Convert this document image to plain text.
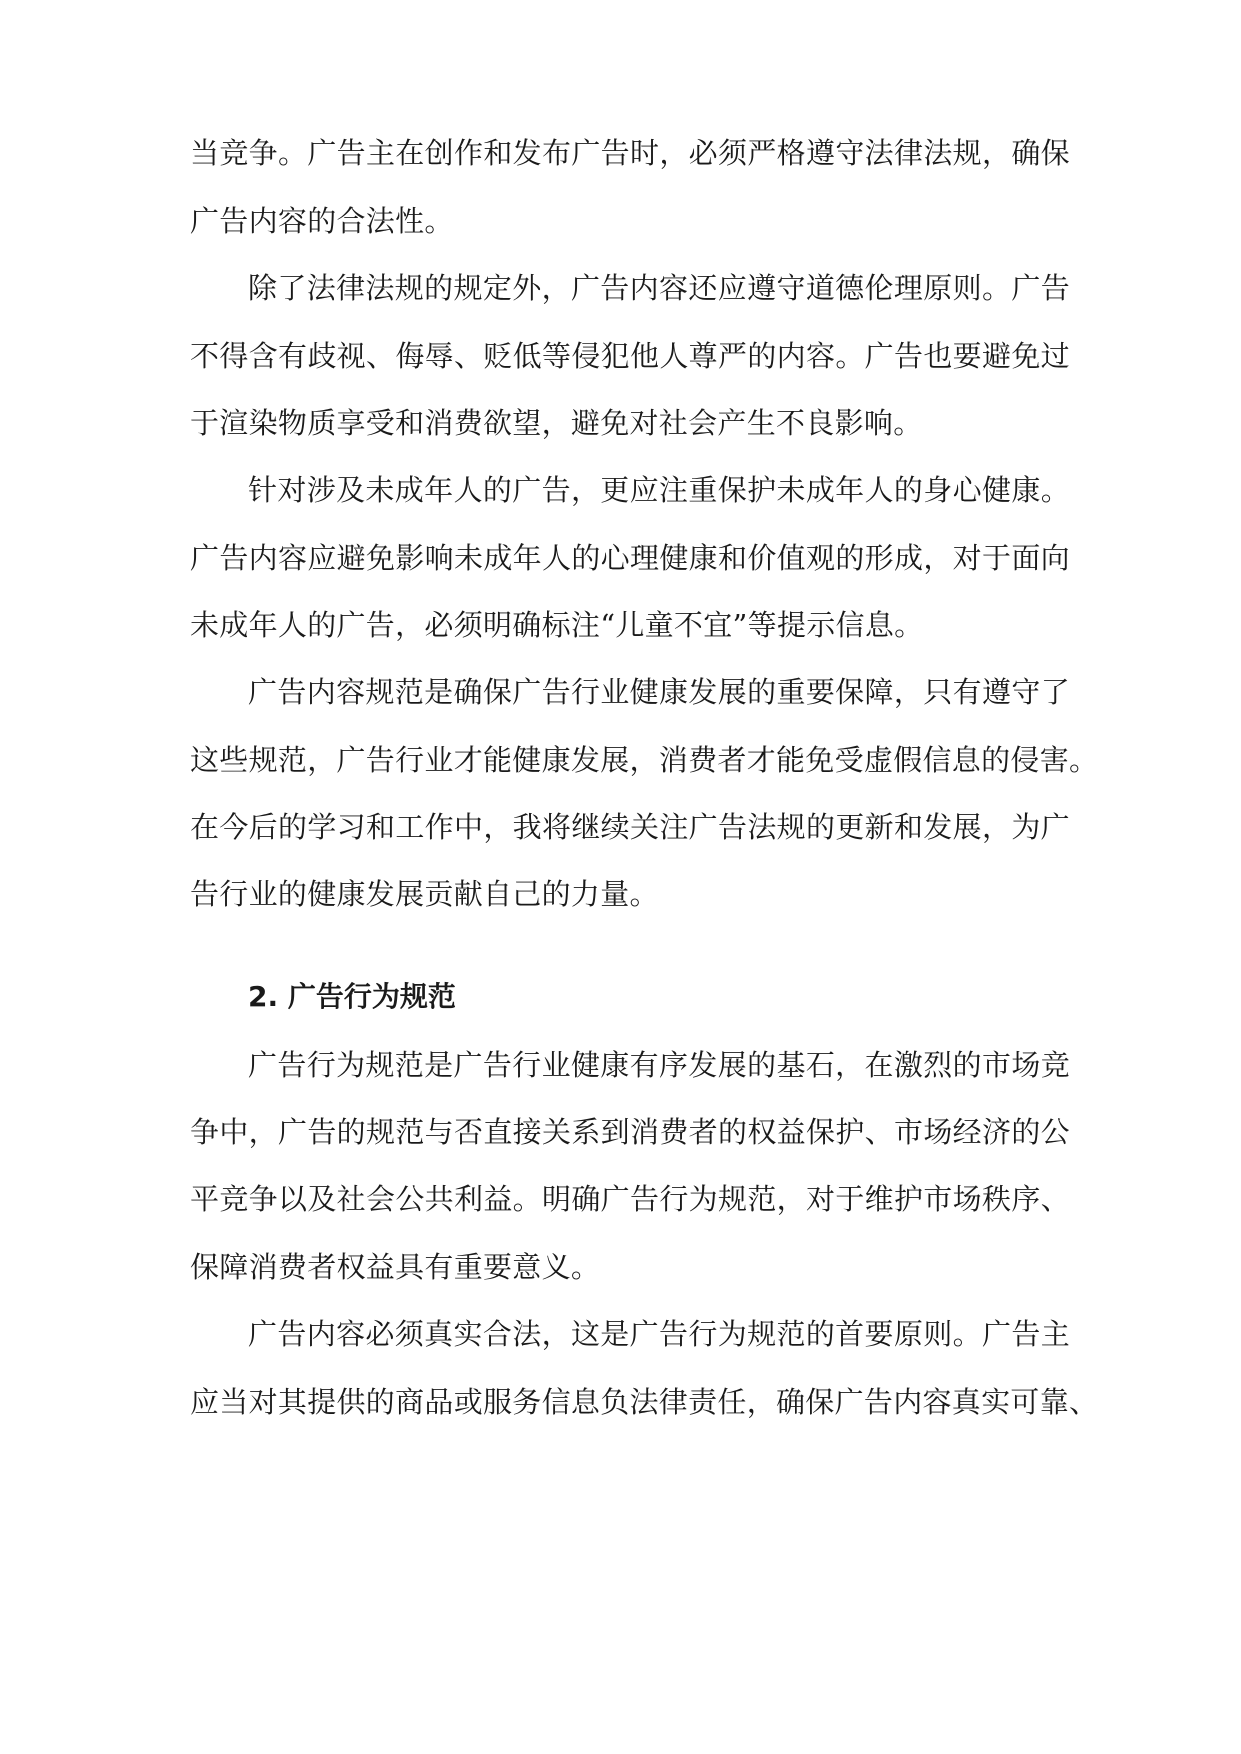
当竞争。广告主在创作和发布广告时，必须严格遵守法律法规，确保
广告内容的合法性。
除了法律法规的规定外，广告内容还应遵守道德伦理原则。广告
不得含有歧视、侮辱、贬低等侵犯他人尊严的内容。广告也要避免过
于渲染物质享受和消费欲望，避免对社会产生不良影响。
针对涉及未成年人的广告，更应注重保护未成年人的身心健康。
广告内容应避免影响未成年人的心理健康和价值观的形成，对于面向
未成年人的广告，必须明确标注“儿童不宜”等提示信息。
广告内容规范是确保广告行业健康发展的重要保障，只有遵守了
这些规范，广告行业才能健康发展，消费者才能免受虚假信息的侵害。
在今后的学习和工作中，我将继续关注广告法规的更新和发展，为广
告行业的健康发展贡献自己的力量。
2. 广告行为规范
广告行为规范是广告行业健康有序发展的基石，在激烈的市场竞
争中，广告的规范与否直接关系到消费者的权益保护、市场经济的公
平竞争以及社会公共利益。明确广告行为规范，对于维护市场秩序、
保障消费者权益具有重要意义。
广告内容必须真实合法，这是广告行为规范的首要原则。广告主
应当对其提供的商品或服务信息负法律责任，确保广告内容真实可靠、
